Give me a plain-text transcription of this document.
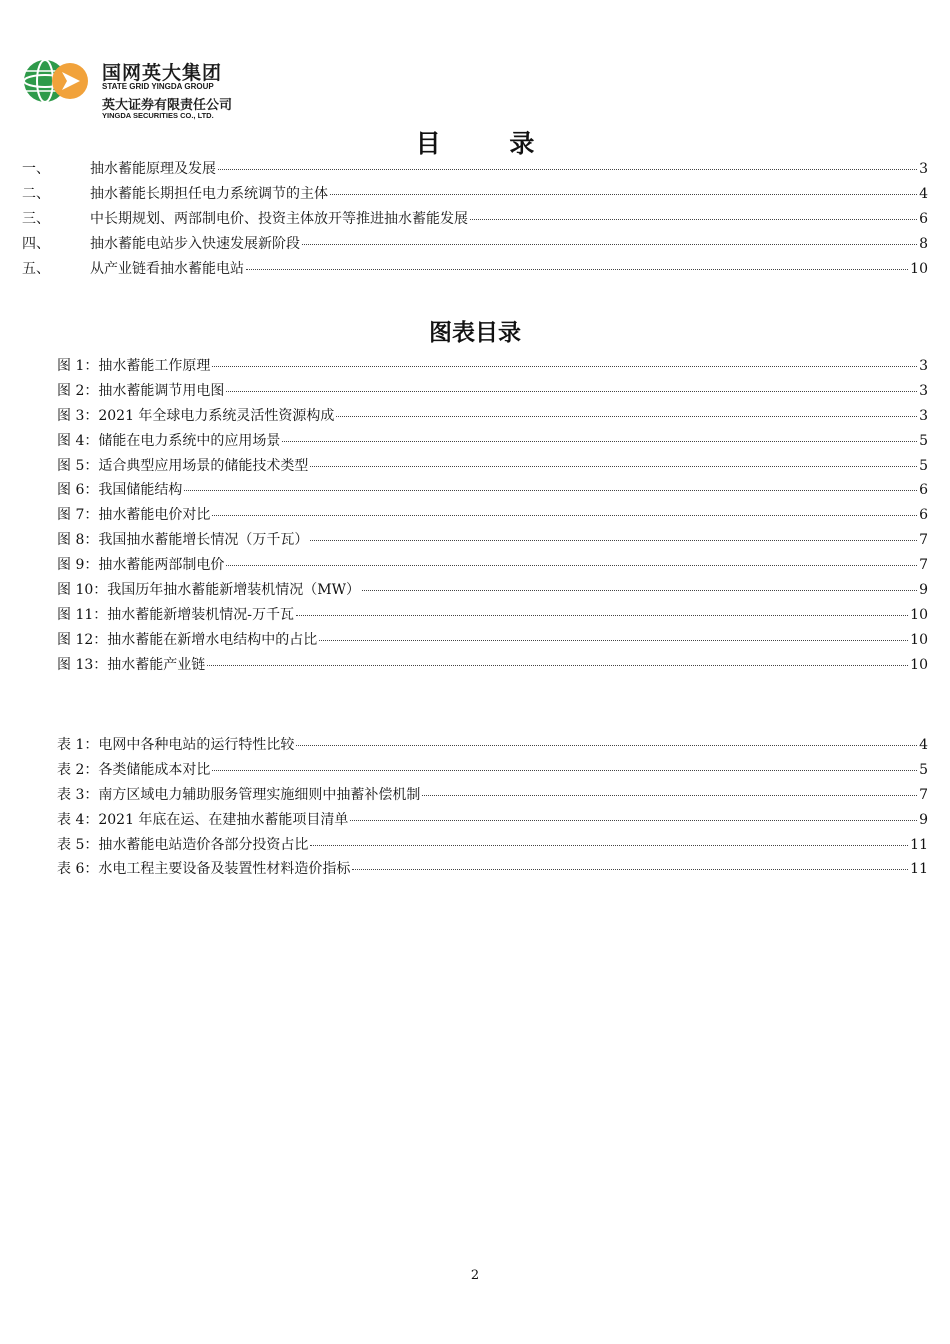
国网英大集团
STATE GRID YINGDA GROUP
英大证券有限责任公司
YINGDA SECURITIES CO., LTD.
目 录
一、	抽水蓄能原理及发展	3
二、	抽水蓄能长期担任电力系统调节的主体	4
三、	中长期规划、两部制电价、投资主体放开等推进抽水蓄能发展	6
四、	抽水蓄能电站步入快速发展新阶段	8
五、	从产业链看抽水蓄能电站	10
图表目录
图 1：抽水蓄能工作原理	3
图 2：抽水蓄能调节用电图	3
图 3：2021 年全球电力系统灵活性资源构成	3
图 4：储能在电力系统中的应用场景	5
图 5：适合典型应用场景的储能技术类型	5
图 6：我国储能结构	6
图 7：抽水蓄能电价对比	6
图 8：我国抽水蓄能增长情况（万千瓦）	7
图 9：抽水蓄能两部制电价	7
图 10：我国历年抽水蓄能新增装机情况（MW）	9
图 11：抽水蓄能新增装机情况-万千瓦	10
图 12：抽水蓄能在新增水电结构中的占比	10
图 13：抽水蓄能产业链	10
表 1：电网中各种电站的运行特性比较	4
表 2：各类储能成本对比	5
表 3：南方区域电力辅助服务管理实施细则中抽蓄补偿机制	7
表 4：2021 年底在运、在建抽水蓄能项目清单	9
表 5：抽水蓄能电站造价各部分投资占比	11
表 6：水电工程主要设备及装置性材料造价指标	11
2
